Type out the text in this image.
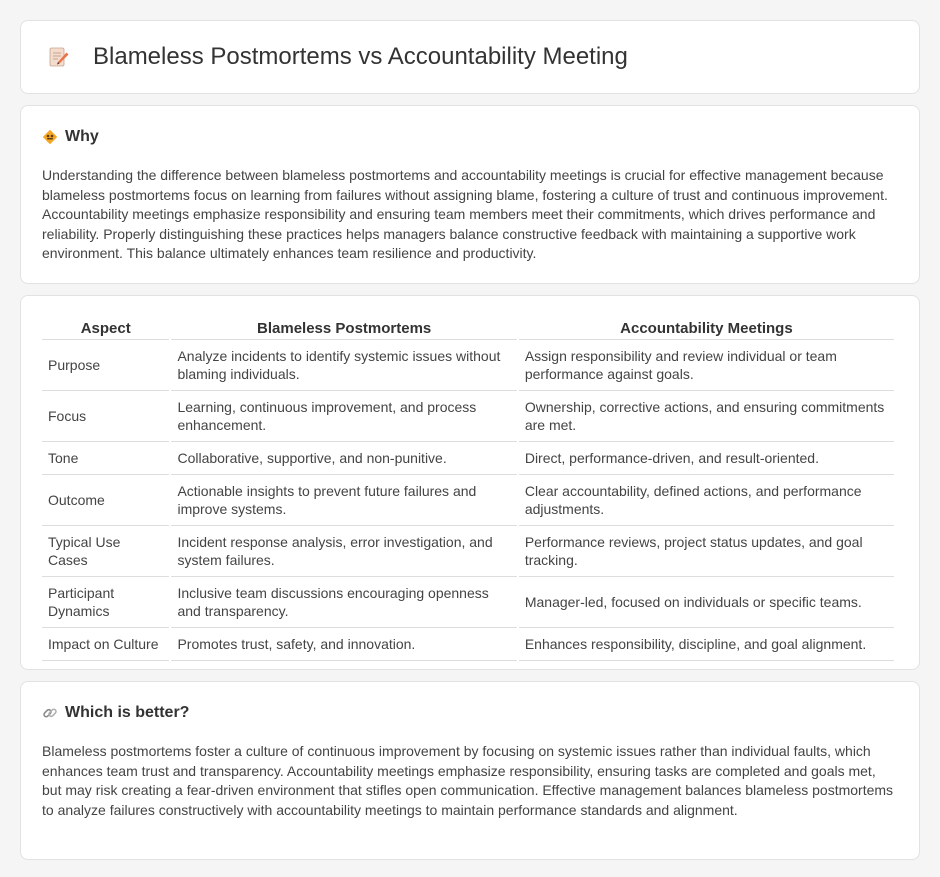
Blameless Postmortems vs Accountability Meeting
Why

Understanding the difference between blameless postmortems and accountability meetings is crucial for effective management because blameless postmortems focus on learning from failures without assigning blame, fostering a culture of trust and continuous improvement. Accountability meetings emphasize responsibility and ensuring team members meet their commitments, which drives performance and reliability. Properly distinguishing these practices helps managers balance constructive feedback with maintaining a supportive work environment. This balance ultimately enhances team resilience and productivity.

Aspect	Blameless Postmortems	Accountability Meetings
Purpose	Analyze incidents to identify systemic issues without blaming individuals.	Assign responsibility and review individual or team performance against goals.
Focus	Learning, continuous improvement, and process enhancement.	Ownership, corrective actions, and ensuring commitments are met.
Tone	Collaborative, supportive, and non-punitive.	Direct, performance-driven, and result-oriented.
Outcome	Actionable insights to prevent future failures and improve systems.	Clear accountability, defined actions, and performance adjustments.
Typical Use Cases	Incident response analysis, error investigation, and system failures.	Performance reviews, project status updates, and goal tracking.
Participant Dynamics	Inclusive team discussions encouraging openness and transparency.	Manager-led, focused on individuals or specific teams.
Impact on Culture	Promotes trust, safety, and innovation.	Enhances responsibility, discipline, and goal alignment.
Which is better?

Blameless postmortems foster a culture of continuous improvement by focusing on systemic issues rather than individual faults, which enhances team trust and transparency. Accountability meetings emphasize responsibility, ensuring tasks are completed and goals met, but may risk creating a fear-driven environment that stifles open communication. Effective management balances blameless postmortems to analyze failures constructively with accountability meetings to maintain performance standards and alignment.
